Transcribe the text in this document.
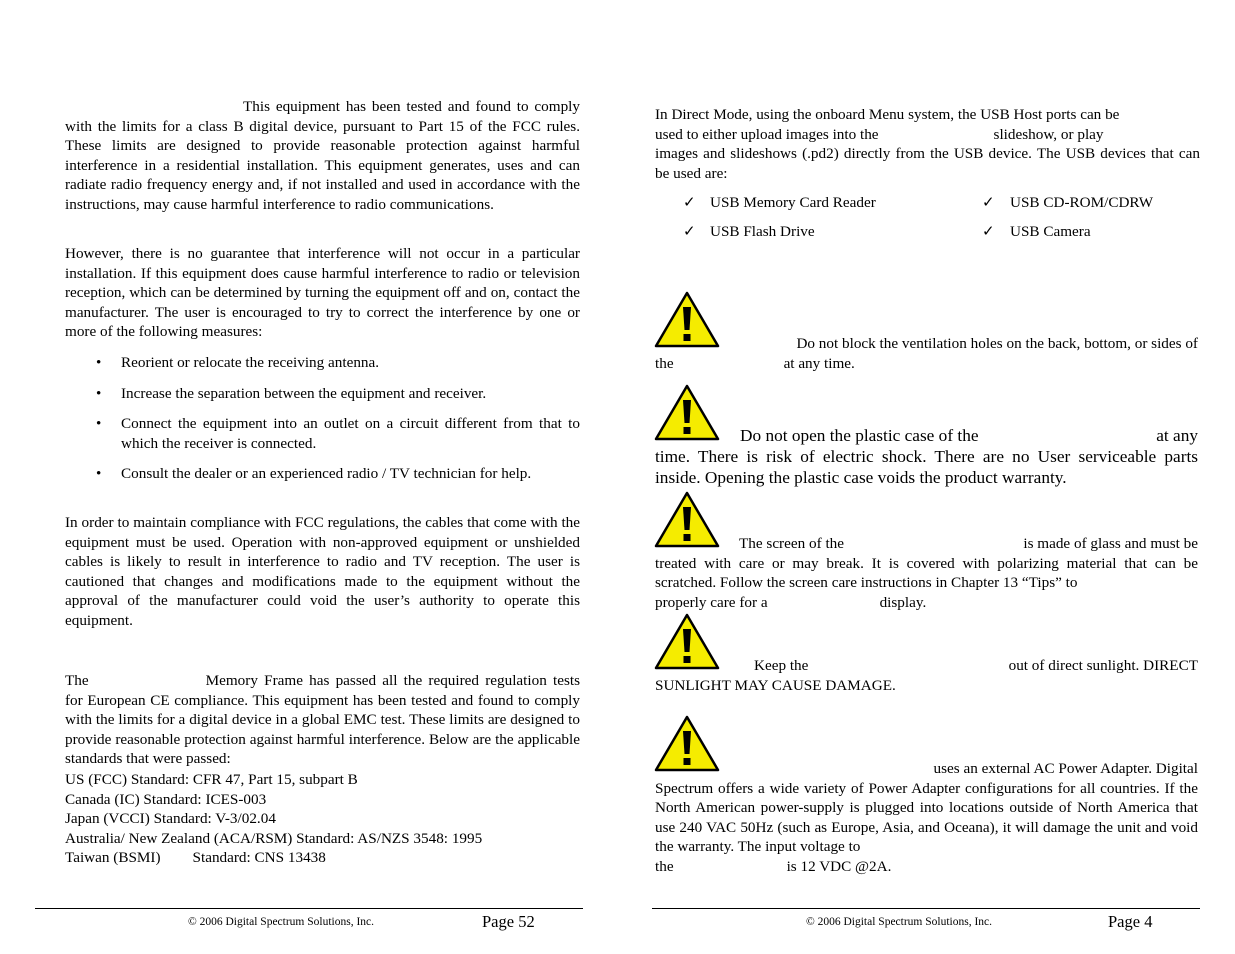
This equipment has been tested and found to comply with the limits for a class B digital device, pursuant to Part 15 of the FCC rules. These limits are designed to provide reasonable protection against harmful interference in a residential installation. This equipment generates, uses and can radiate radio frequency energy and, if not installed and used in accordance with the instructions, may cause harmful interference to radio communications.
However, there is no guarantee that interference will not occur in a particular installation. If this equipment does cause harmful interference to radio or television reception, which can be determined by turning the equipment off and on, contact the manufacturer. The user is encouraged to try to correct the interference by one or more of the following measures:
• Reorient or relocate the receiving antenna.
• Increase the separation between the equipment and receiver.
• Connect the equipment into an outlet on a circuit different from that to which the receiver is connected.
• Consult the dealer or an experienced radio / TV technician for help.
In order to maintain compliance with FCC regulations, the cables that come with the equipment must be used. Operation with non-approved equipment or unshielded cables is likely to result in interference to radio and TV reception. The user is cautioned that changes and modifications made to the equipment without the approval of the manufacturer could void the user’s authority to operate this equipment.
The	Memory Frame has passed all the required regulation tests for European CE compliance. This equipment has been tested and found to comply with the limits for a digital device in a global EMC test. These limits are designed to provide reasonable protection against harmful interference. Below are the applicable standards that were passed:
US (FCC) Standard: CFR 47, Part 15, subpart B
Canada (IC) Standard: ICES-003
Japan (VCCI) Standard: V-3/02.04
Australia/ New Zealand (ACA/RSM) Standard: AS/NZS 3548: 1995
Taiwan (BSMI) Standard: CNS 13438
© 2006 Digital Spectrum Solutions, Inc.	Page 52
In Direct Mode, using the onboard Menu system, the USB Host ports can be
used to either upload images into the	slideshow, or play
images and slideshows (.pd2) directly from the USB device. The USB devices that can be used are:
✓ USB Memory Card Reader	✓ USB CD-ROM/CDRW
✓ USB Flash Drive	✓ USB Camera
Do not block the ventilation holes on the back, bottom, or sides of
the	at any time.
Do not open the plastic case of the	at any
time. There is risk of electric shock. There are no User serviceable parts inside. Opening the plastic case voids the product warranty.
The screen of the	is made of glass and must be
treated with care or may break. It is covered with polarizing material that can be scratched. Follow the screen care instructions in Chapter 13 “Tips” to
properly care for a	display.
Keep the	out of direct sunlight. DIRECT
SUNLIGHT MAY CAUSE DAMAGE.
uses an external AC Power Adapter. Digital
Spectrum offers a wide variety of Power Adapter configurations for all countries. If the North American power-supply is plugged into locations outside of North America that use 240 VAC 50Hz (such as Europe, Asia, and Oceana), it will damage the unit and void the warranty. The input voltage to
the	is 12 VDC @2A.
© 2006 Digital Spectrum Solutions, Inc.	Page 4
